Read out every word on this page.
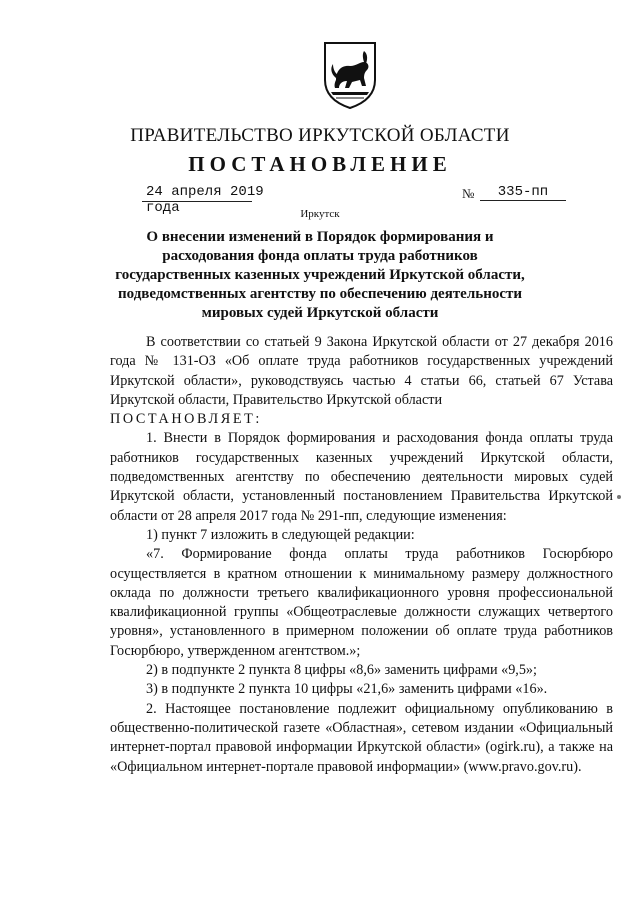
ПРАВИТЕЛЬСТВО ИРКУТСКОЙ ОБЛАСТИ
ПОСТАНОВЛЕНИЕ
24 апреля 2019 года
№	335-пп
Иркутск
О внесении изменений в Порядок формирования и расходования фонда оплаты труда работников государственных казенных учреждений Иркутской области, подведомственных агентству по обеспечению деятельности мировых судей Иркутской области

В соответствии со статьей 9 Закона Иркутской области от 27 декабря 2016 года № 131-ОЗ «Об оплате труда работников государственных учреждений Иркутской области», руководствуясь частью 4 статьи 66, статьей 67 Устава Иркутской области, Правительство Иркутской области

ПОСТАНОВЛЯЕТ:

1. Внести в Порядок формирования и расходования фонда оплаты труда работников государственных казенных учреждений Иркутской области, подведомственных агентству по обеспечению деятельности мировых судей Иркутской области, установленный постановлением Правительства Иркутской области от 28 апреля 2017 года № 291-пп, следующие изменения:

1) пункт 7 изложить в следующей редакции:

«7. Формирование фонда оплаты труда работников Госюрбюро осуществляется в кратном отношении к минимальному размеру должностного оклада по должности третьего квалификационного уровня профессиональной квалификационной группы «Общеотраслевые должности служащих четвертого уровня», установленного в примерном положении об оплате труда работников Госюрбюро, утвержденном агентством.»;

2) в подпункте 2 пункта 8 цифры «8,6» заменить цифрами «9,5»;

3) в подпункте 2 пункта 10 цифры «21,6» заменить цифрами «16».

2. Настоящее постановление подлежит официальному опубликованию в общественно-политической газете «Областная», сетевом издании «Официальный интернет-портал правовой информации Иркутской области» (ogirk.ru), а также на «Официальном интернет-портале правовой информации» (www.pravo.gov.ru).
